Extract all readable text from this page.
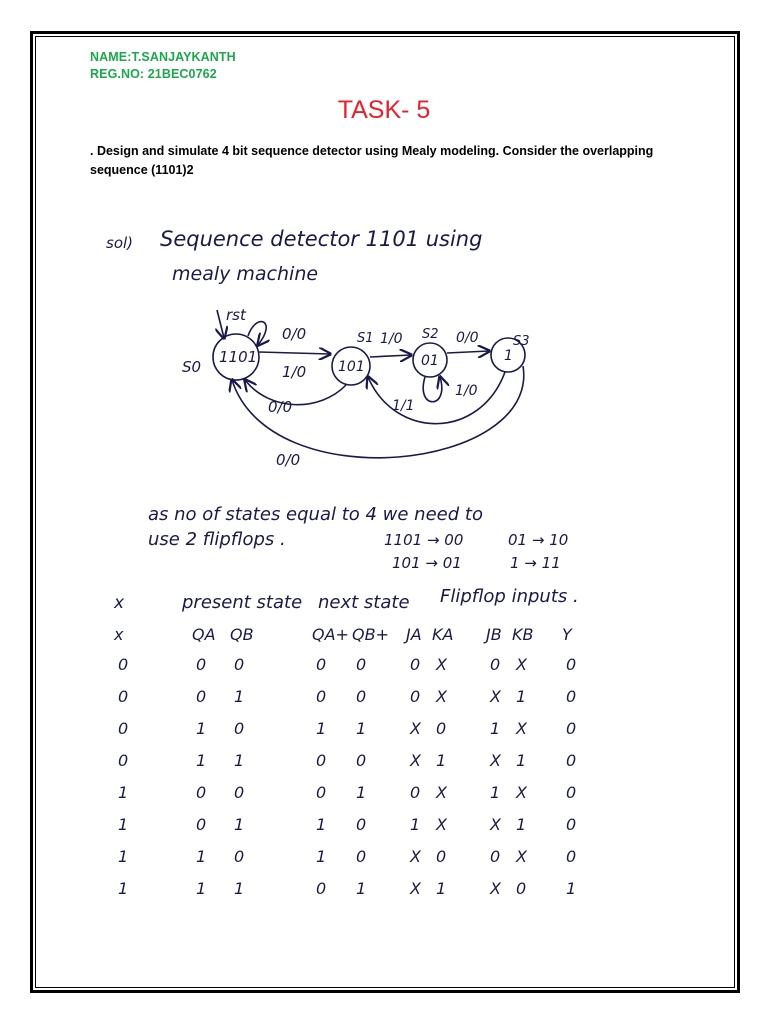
NAME:T.SANJAYKANTH
REG.NO: 21BEC0762
TASK- 5
. Design and simulate 4 bit sequence detector using Mealy modeling. Consider the overlapping sequence (1101)2
sol) Sequence detector 1101 using
mealy machine
1101
101	01	1
S0
S1	S2	S3
rst
0/0
1/0
1/0	0/0
1/0
0/0	1/1
0/0
as no of states equal to 4 we need to
use 2 flipflops .	1101 → 00	01 → 10
101 → 01	1 → 11
x	present state next state Flipflop inputs .
x	QA QB	QA+ QB+ JA KA JB KB Y
0	0 0	0 0	0 X	0 X 0
0	0 1	0 0	0 X	X 1 0
0	1 0	1 1	X 0	1 X 0
0	1 1	0 0	X 1	X 1 0
1	0 0	0 1	0 X	1 X 0
1	0 1	1 0	1 X	X 1 0
1	1 0	1 0	X 0	0 X 0
1	1 1	0 1	X 1	X 0 1
